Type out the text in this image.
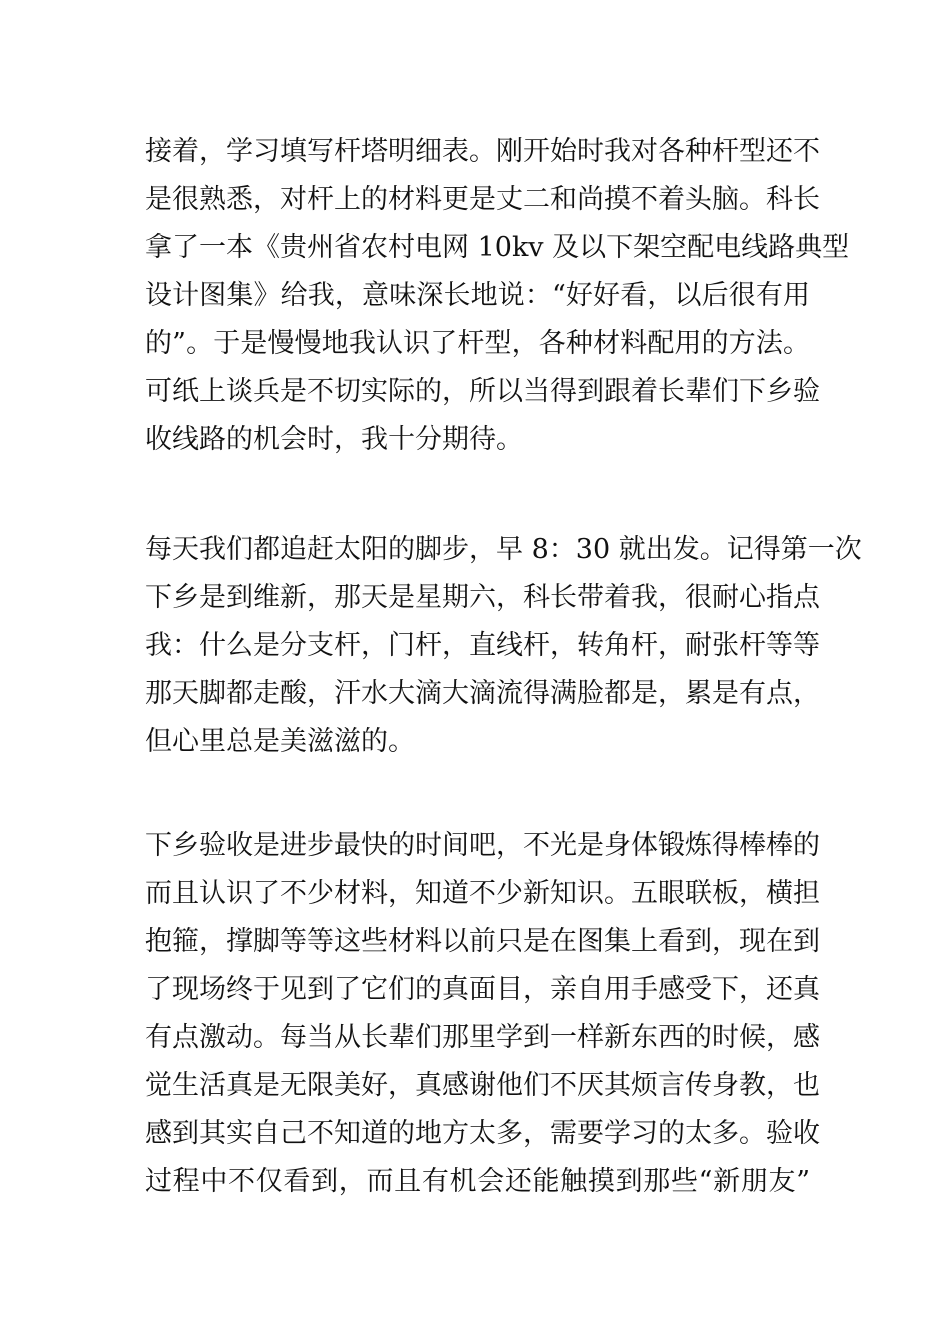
接着，学习填写杆塔明细表。刚开始时我对各种杆型还不
是很熟悉，对杆上的材料更是丈二和尚摸不着头脑。科长
拿了一本《贵州省农村电网 10kv 及以下架空配电线路典型
设计图集》给我，意味深长地说：“好好看，以后很有用
的”。于是慢慢地我认识了杆型，各种材料配用的方法。
可纸上谈兵是不切实际的，所以当得到跟着长辈们下乡验
收线路的机会时，我十分期待。
每天我们都追赶太阳的脚步，早 8：30 就出发。记得第一次
下乡是到维新，那天是星期六，科长带着我，很耐心指点
我：什么是分支杆，门杆，直线杆，转角杆，耐张杆等等
那天脚都走酸，汗水大滴大滴流得满脸都是，累是有点，
但心里总是美滋滋的。
下乡验收是进步最快的时间吧，不光是身体锻炼得棒棒的
而且认识了不少材料，知道不少新知识。五眼联板，横担
抱箍，撑脚等等这些材料以前只是在图集上看到，现在到
了现场终于见到了它们的真面目，亲自用手感受下，还真
有点激动。每当从长辈们那里学到一样新东西的时候，感
觉生活真是无限美好，真感谢他们不厌其烦言传身教，也
感到其实自己不知道的地方太多，需要学习的太多。验收
过程中不仅看到，而且有机会还能触摸到那些“新朋友”
